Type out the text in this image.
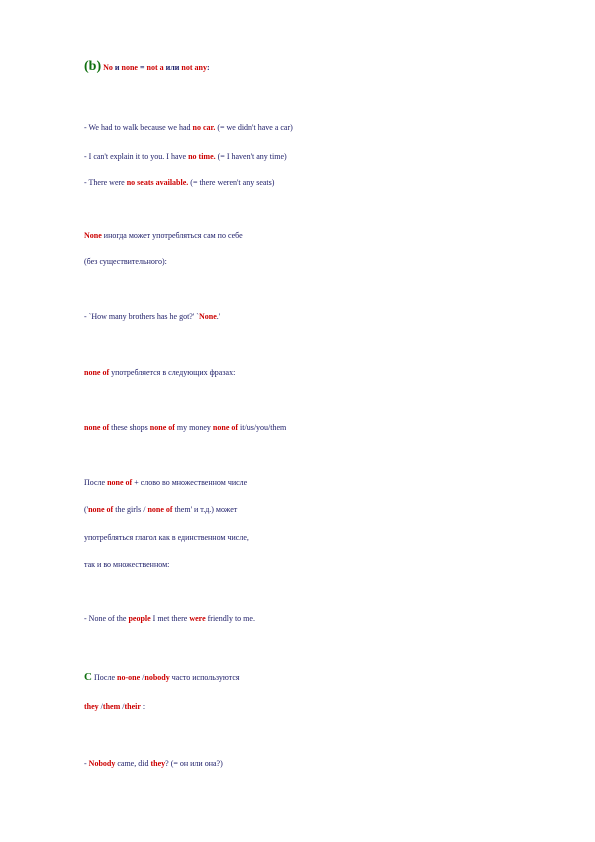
(b) No и none = not a или not any:
- We had to walk because we had no car. (= we didn't have a car)
- I can't explain it to you. I have no time. (= I haven't any time)
- There were no seats available. (= there weren't any seats)
None иногда может употребляться сам по себе
(без существительного):
- `How many brothers has he got?' `None.'
none of употребляется в следующих фразах:
none of these shops none of my money none of it/us/you/them
После none of + слово во множественном числе
('none of the girls / none of them' и т.д.) может
употребляться глагол как в единственном числе,
так и во множественном:
- None of the people I met there were friendly to me.
C После no-one /nobody часто используются
they /them /their :
- Nobody came, did they? (= он или она?)
